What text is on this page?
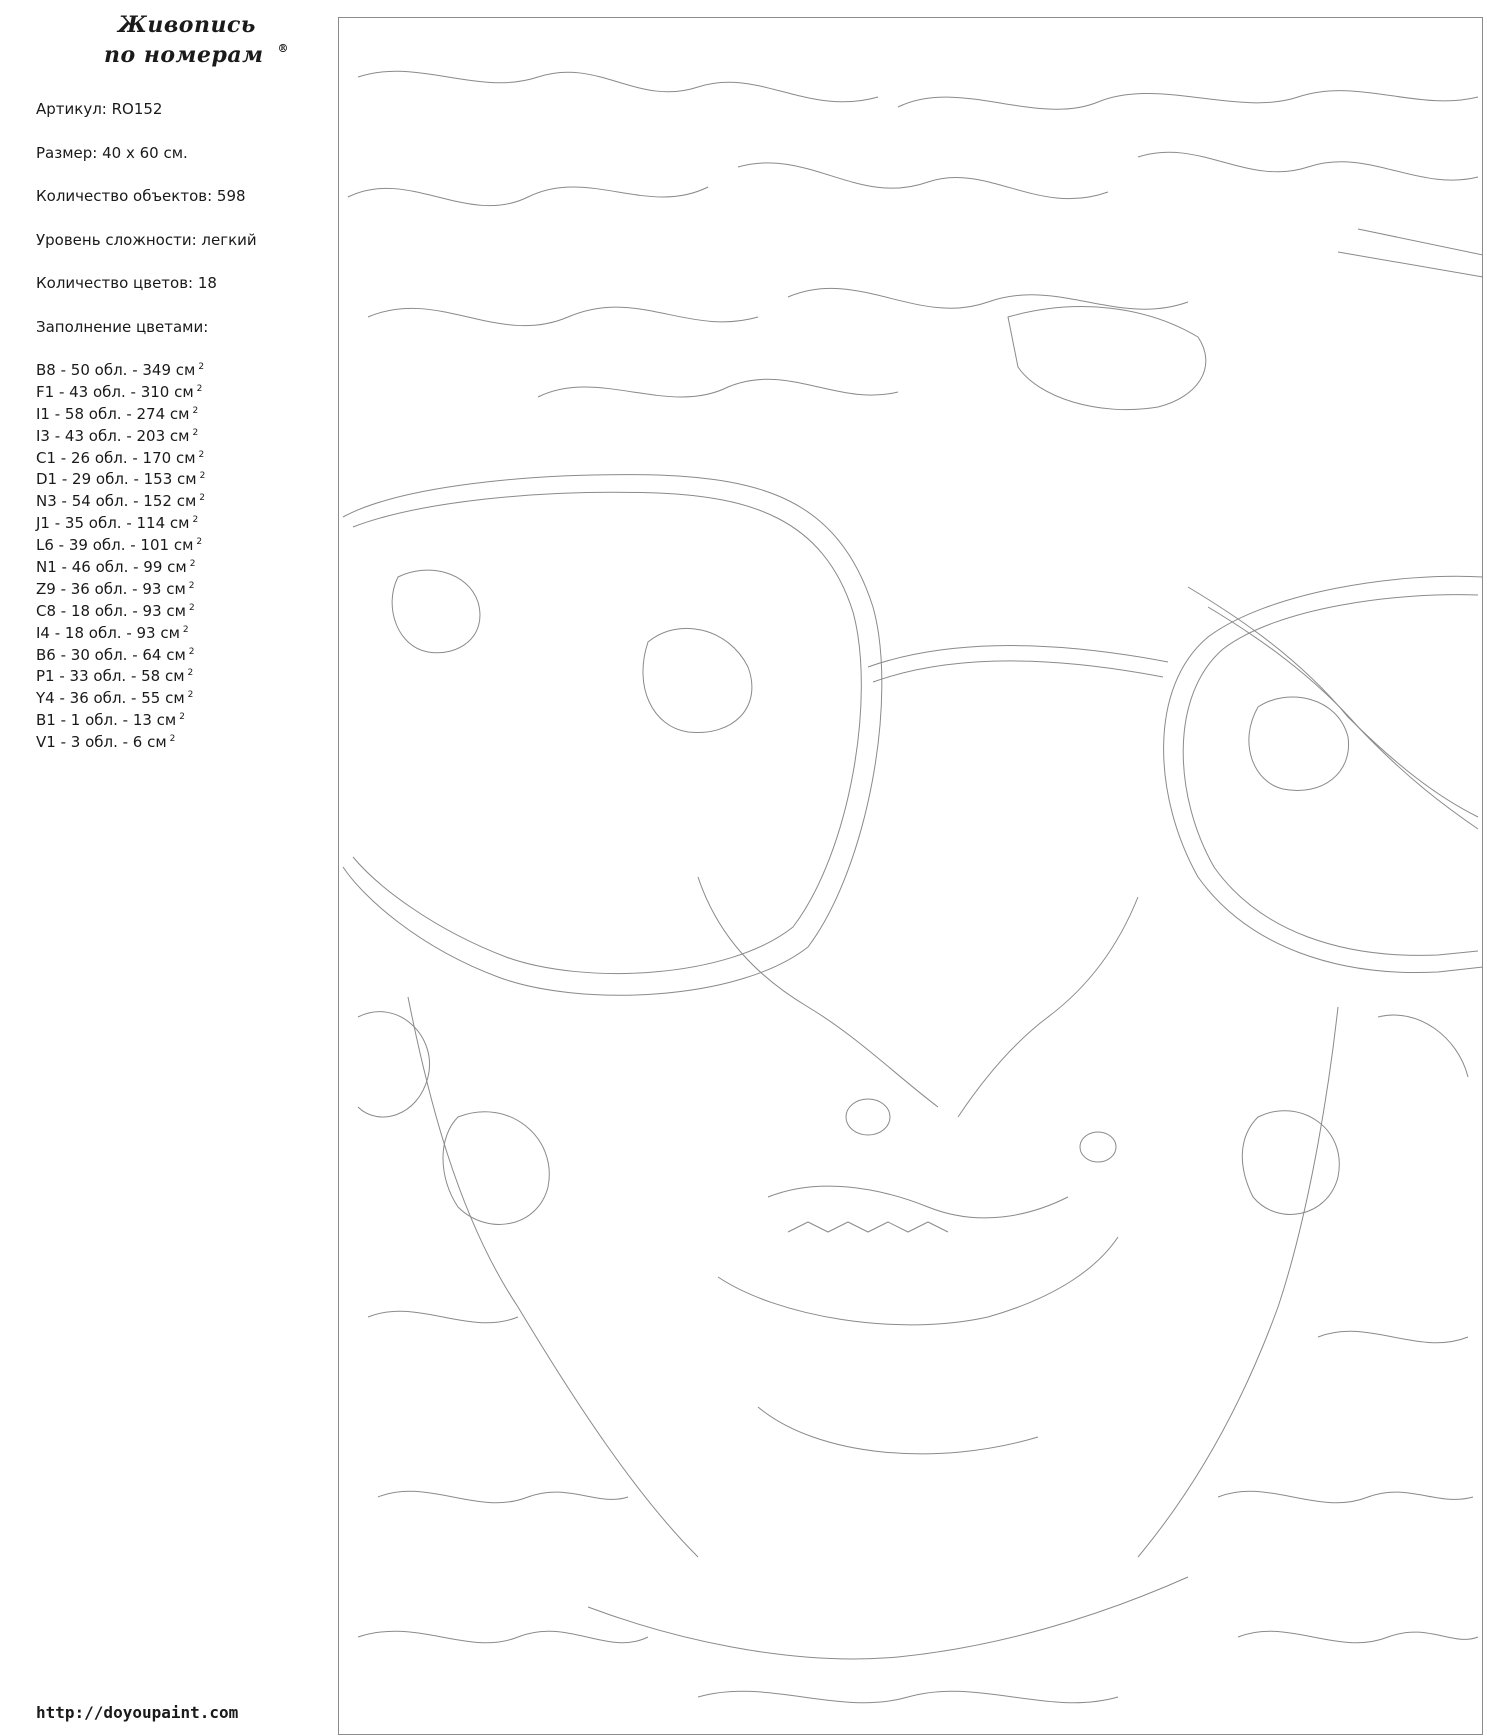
Живопись
по номерам ®
Артикул: RO152
Размер: 40 х 60 см.
Количество объектов: 598
Уровень сложности: легкий
Количество цветов: 18
Заполнение цветами:
B8 - 50 обл. - 349 см $^2$
F1 - 43 обл. - 310 см $^2$
I1 - 58 обл. - 274 см $^2$
I3 - 43 обл. - 203 см $^2$
C1 - 26 обл. - 170 см $^2$
D1 - 29 обл. - 153 см $^2$
N3 - 54 обл. - 152 см $^2$
J1 - 35 обл. - 114 см $^2$
L6 - 39 обл. - 101 см $^2$
N1 - 46 обл. - 99 см $^2$
Z9 - 36 обл. - 93 см $^2$
C8 - 18 обл. - 93 см $^2$
I4 - 18 обл. - 93 см $^2$
B6 - 30 обл. - 64 см $^2$
P1 - 33 обл. - 58 см $^2$
Y4 - 36 обл. - 55 см $^2$
B1 - 1 обл. - 13 см $^2$
V1 - 3 обл. - 6 см $^2$
http://doyoupaint.com
